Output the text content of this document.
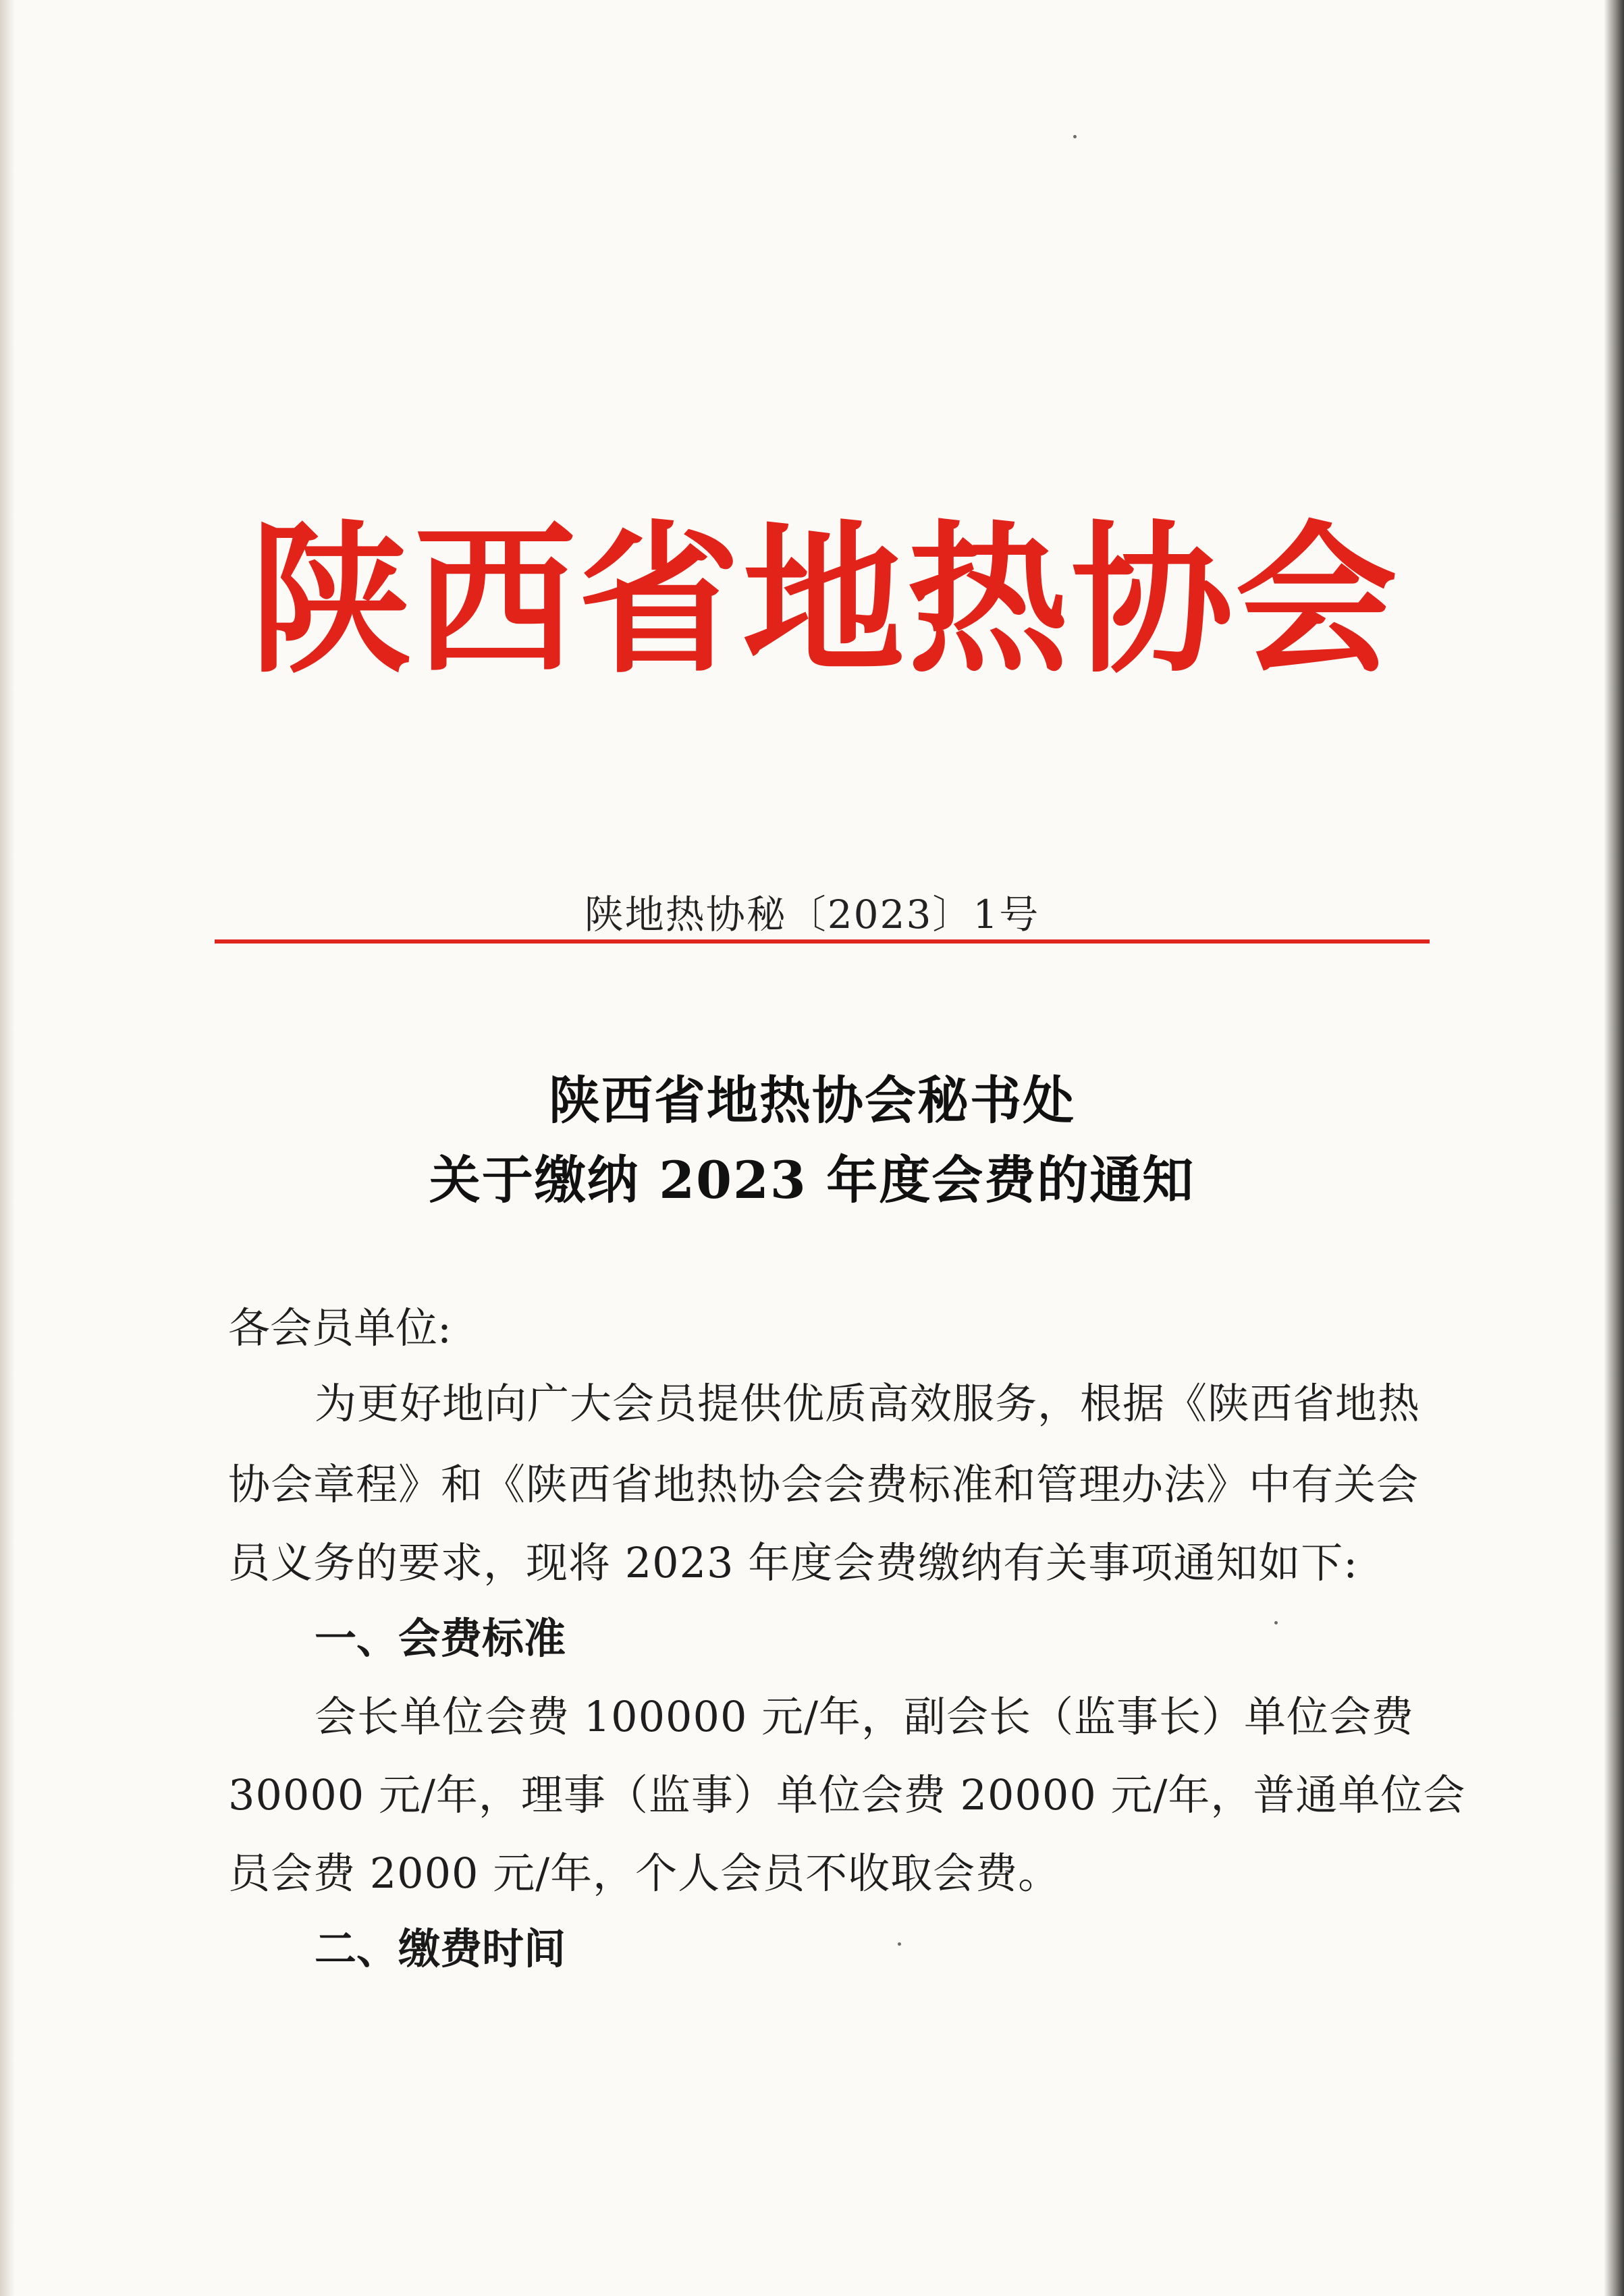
陕 西 省 地 热 协 会
陕地热协秘〔2023〕1号
陕西省地热协会秘书处
关于缴纳 2023 年度会费的通知
各会员单位:
为更好地向广大会员提供优质高效服务，根据《陕西省地热
协会章程》和《陕西省地热协会会费标准和管理办法》中有关会
员义务的要求，现将 2023 年度会费缴纳有关事项通知如下:
一、会费标准
会长单位会费 100000 元/年，副会长（监事长）单位会费
30000 元/年，理事（监事）单位会费 20000 元/年，普通单位会
员会费 2000 元/年，个人会员不收取会费。
二、缴费时间
